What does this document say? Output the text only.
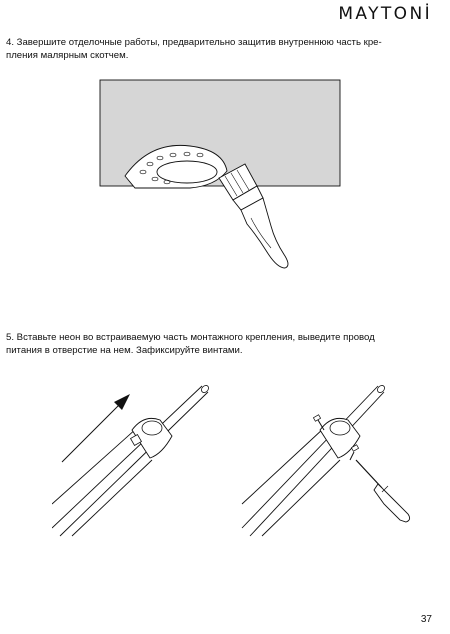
MAYTONİ
4. Завершите отделочные работы, предварительно защитив внутреннюю часть кре-
пления малярным скотчем.
5. Вставьте неон во встраиваемую часть монтажного крепления, выведите провод
питания в отверстие на нем. Зафиксируйте винтами.
37
